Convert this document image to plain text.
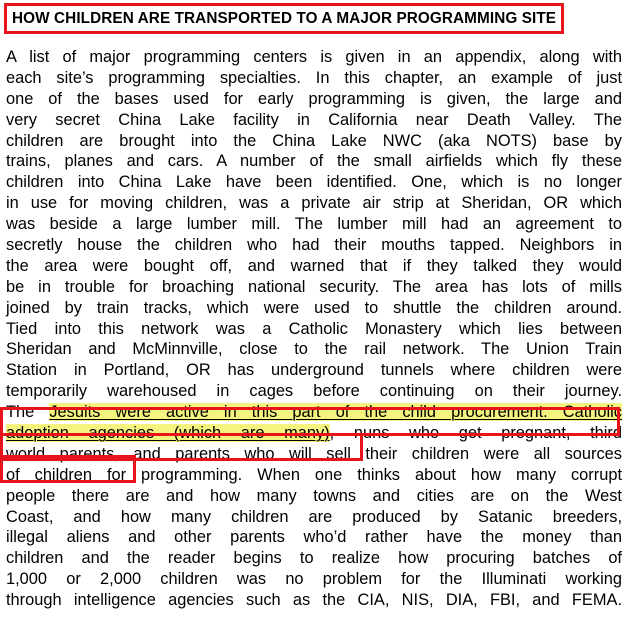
HOW CHILDREN ARE TRANSPORTED TO A MAJOR PROGRAMMING SITE
A list of major programming centers is given in an appendix, along with
each site’s programming specialties. In this chapter, an example of just
one of the bases used for early programming is given, the large and
very secret China Lake facility in California near Death Valley. The
children are brought into the China Lake NWC (aka NOTS) base by
trains, planes and cars. A number of the small airfields which fly these
children into China Lake have been identified. One, which is no longer
in use for moving children, was a private air strip at Sheridan, OR which
was beside a large lumber mill. The lumber mill had an agreement to
secretly house the children who had their mouths tapped. Neighbors in
the area were bought off, and warned that if they talked they would
be in trouble for broaching national security. The area has lots of mills
joined by train tracks, which were used to shuttle the children around.
Tied into this network was a Catholic Monastery which lies between
Sheridan and McMinnville, close to the rail network. The Union Train
Station in Portland, OR has underground tunnels where children were
temporarily warehoused in cages before continuing on their journey.
The Jesuits were active in this part of the child procurement. Catholic
adoption agencies (which are many), nuns who get pregnant, third
world parents, and parents who will sell their children were all sources
of children for programming. When one thinks about how many corrupt
people there are and how many towns and cities are on the West
Coast, and how many children are produced by Satanic breeders,
illegal aliens and other parents who’d rather have the money than
children and the reader begins to realize how procuring batches of
1,000 or 2,000 children was no problem for the Illuminati working
through intelligence agencies such as the CIA, NIS, DIA, FBI, and FEMA.
